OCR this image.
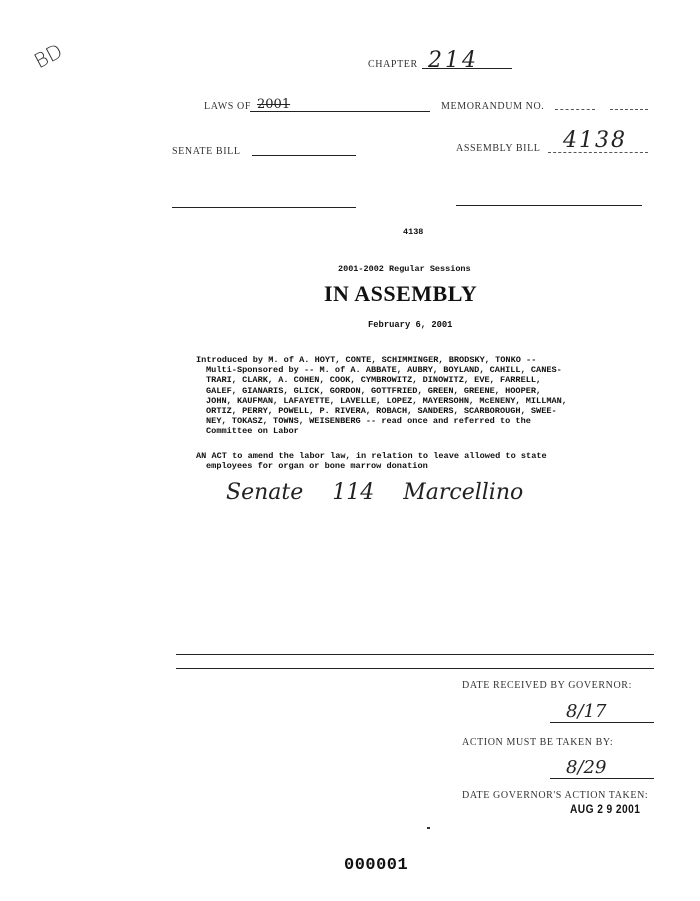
BD	CHAPTER 214
LAWS OF 2001	MEMORANDUM NO.
SENATE BILL	ASSEMBLY BILL 4138
4138
2001-2002 Regular Sessions
IN ASSEMBLY
February 6, 2001
Introduced by M. of A. HOYT, CONTE, SCHIMMINGER, BRODSKY, TONKO --
Multi-Sponsored by -- M. of A. ABBATE, AUBRY, BOYLAND, CAHILL, CANES-
TRARI, CLARK, A. COHEN, COOK, CYMBROWITZ, DINOWITZ, EVE, FARRELL,
GALEF, GIANARIS, GLICK, GORDON, GOTTFRIED, GREEN, GREENE, HOOPER,
JOHN, KAUFMAN, LAFAYETTE, LAVELLE, LOPEZ, MAYERSOHN, McENENY, MILLMAN,
ORTIZ, PERRY, POWELL, P. RIVERA, ROBACH, SANDERS, SCARBOROUGH, SWEE-
NEY, TOKASZ, TOWNS, WEISENBERG -- read once and referred to the
Committee on Labor
AN ACT to amend the labor law, in relation to leave allowed to state
employees for organ or bone marrow donation
Senate 114 Marcellino
DATE RECEIVED BY GOVERNOR:
8/17
ACTION MUST BE TAKEN BY:
8/29
DATE GOVERNOR'S ACTION TAKEN:
AUG 2 9 2001
000001
